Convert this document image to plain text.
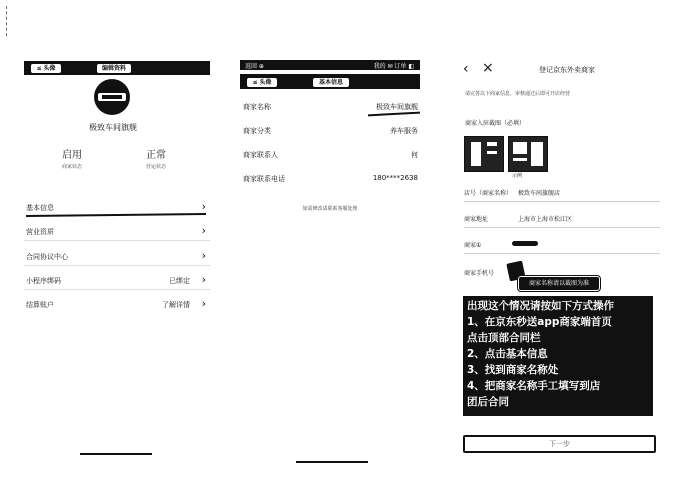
≤ 头像	编辑资料
极致车间旗舰
启用
商家状态
正常
营运状态
基本信息	›
营业资质	›
合同协议中心	›
小程序绑码	已绑定 ›
结算账户	了解详情 ›
返回 ⊕	我的 ✉ 订单 ◧
≤ 头像	基本信息
商家名称	极致车间旗舰
商家分类	养车服务
商家联系人	何
商家联系电话	180****2638
如需修改请联系客服处理
‹ ×	登记京东外卖商家
请完善以下商家信息，审核通过后即可开店经营
商家入驻截图（必填）
示例
店号（商家名称） 极致车间旗舰店
商家地址	上海市上海市松江区
商家①
商家手机号
商家名称请以截图为准
出现这个情况请按如下方式操作
1、在京东秒送app商家端首页
点击顶部合同栏
2、点击基本信息
3、找到商家名称处
4、把商家名称手工填写到店
团后合同
下一步
